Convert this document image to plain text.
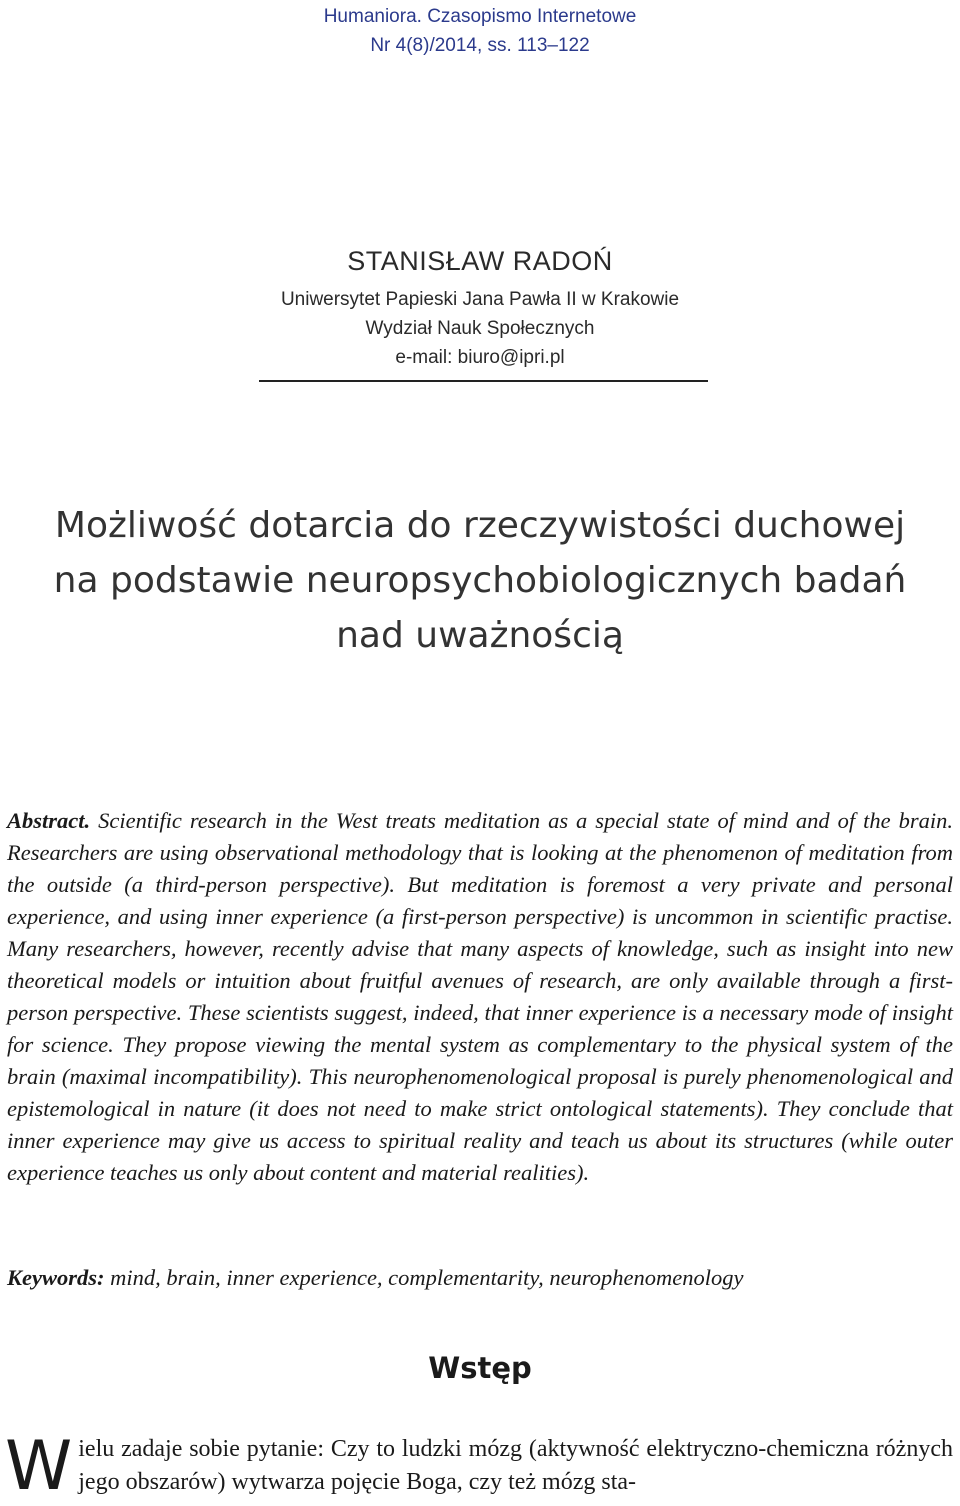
Humaniora. Czasopismo Internetowe
Nr 4(8)/2014, ss. 113–122
STANISŁAW RADOŃ
Uniwersytet Papieski Jana Pawła II w Krakowie
Wydział Nauk Społecznych
e-mail: biuro@ipri.pl
Możliwość dotarcia do rzeczywistości duchowej
na podstawie neuropsychobiologicznych badań
nad uważnością

Abstract. Scientific research in the West treats meditation as a special state of mind and of the brain. Researchers are using observational methodology that is looking at the phenomenon of meditation from the outside (a third-person perspective). But meditation is foremost a very private and personal experience, and using inner experience (a first-person perspective) is uncommon in scientific practise. Many researchers, however, recently advise that many aspects of knowledge, such as insight into new theoretical models or intuition about fruitful avenues of research, are only available through a first-person perspective. These scientists suggest, indeed, that inner experience is a necessary mode of insight for science. They propose viewing the mental system as complementary to the physical system of the brain (maximal incompatibility). This neurophenomenological proposal is purely phenomenological and epistemological in nature (it does not need to make strict ontological statements). They conclude that inner experience may give us access to spiritual reality and teach us about its structures (while outer experience teaches us only about content and material realities).

Keywords: mind, brain, inner experience, complementarity, neurophenomenology

Wstęp

Wielu zadaje sobie pytanie: Czy to ludzki mózg (aktywność elektryczno-chemiczna różnych jego obszarów) wytwarza pojęcie Boga, czy też mózg sta-
